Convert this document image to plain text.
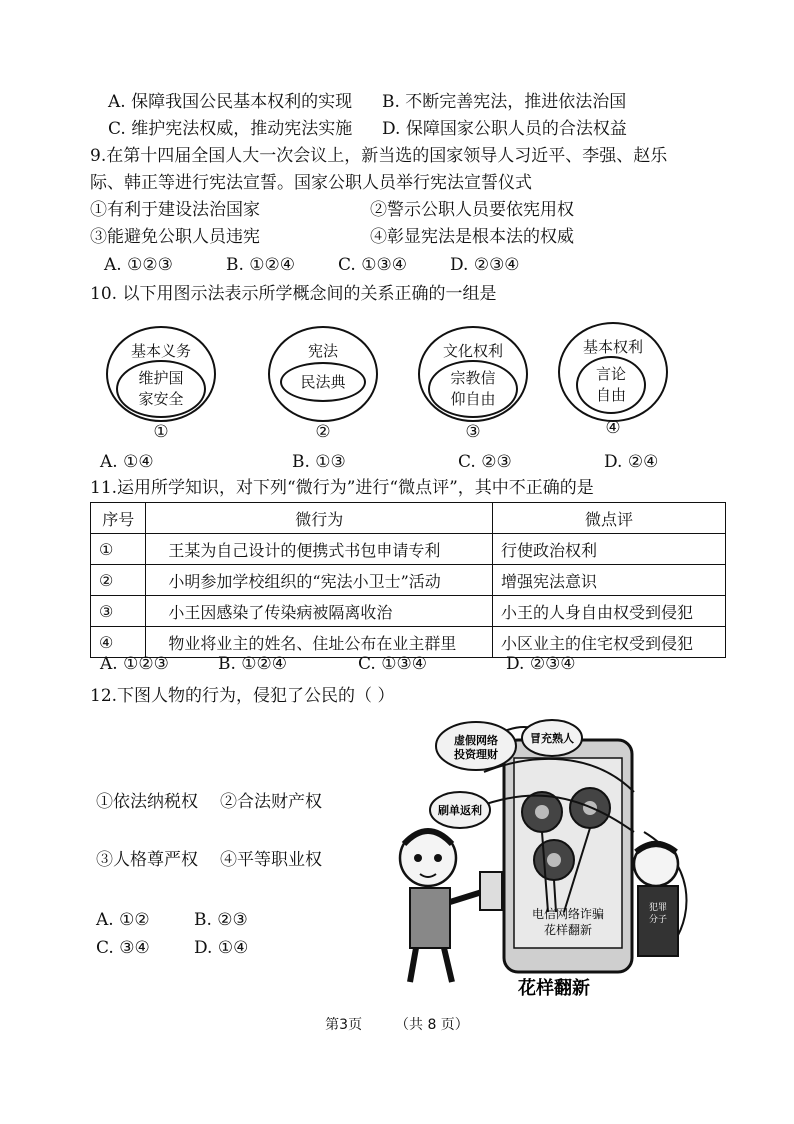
A. 保障我国公民基本权利的实现 B. 不断完善宪法，推进依法治国
C. 维护宪法权威，推动宪法实施 D. 保障国家公职人员的合法权益
9.在第十四届全国人大一次会议上，新当选的国家领导人习近平、李强、赵乐
际、韩正等进行宪法宣誓。国家公职人员举行宪法宣誓仪式
①有利于建设法治国家	②警示公职人员要依宪用权
③能避免公职人员违宪	④彰显宪法是根本法的权威
A. ①②③	B. ①②④	C. ①③④	D. ②③④
10. 以下用图示法表示所学概念间的关系正确的一组是
基本义务
维护国
家安全
①
宪法
民法典
②
文化权利
宗教信
仰自由
③
基本权利
言论
自由
④
A. ①④	B. ①③	C. ②③	D. ②④
11.运用所学知识，对下列“微行为”进行“微点评”，其中不正确的是
序号	微行为	微点评
①	王某为自己设计的便携式书包申请专利	行使政治权利
②	小明参加学校组织的“宪法小卫士”活动	增强宪法意识
③	小王因感染了传染病被隔离收治	小王的人身自由权受到侵犯
④	物业将业主的姓名、住址公布在业主群里	小区业主的住宅权受到侵犯
A. ①②③	B. ①②④	C. ①③④	D. ②③④
12.下图人物的行为，侵犯了公民的（ ）
①依法纳税权 ②合法财产权
③人格尊严权 ④平等职业权
A. ①②	B. ②③
C. ③④	D. ①④
电信网络诈骗
花样翻新
虚假网络
投资理财
冒充熟人
刷单返利
犯罪
分子
花样翻新
第3页 （共 8 页）
